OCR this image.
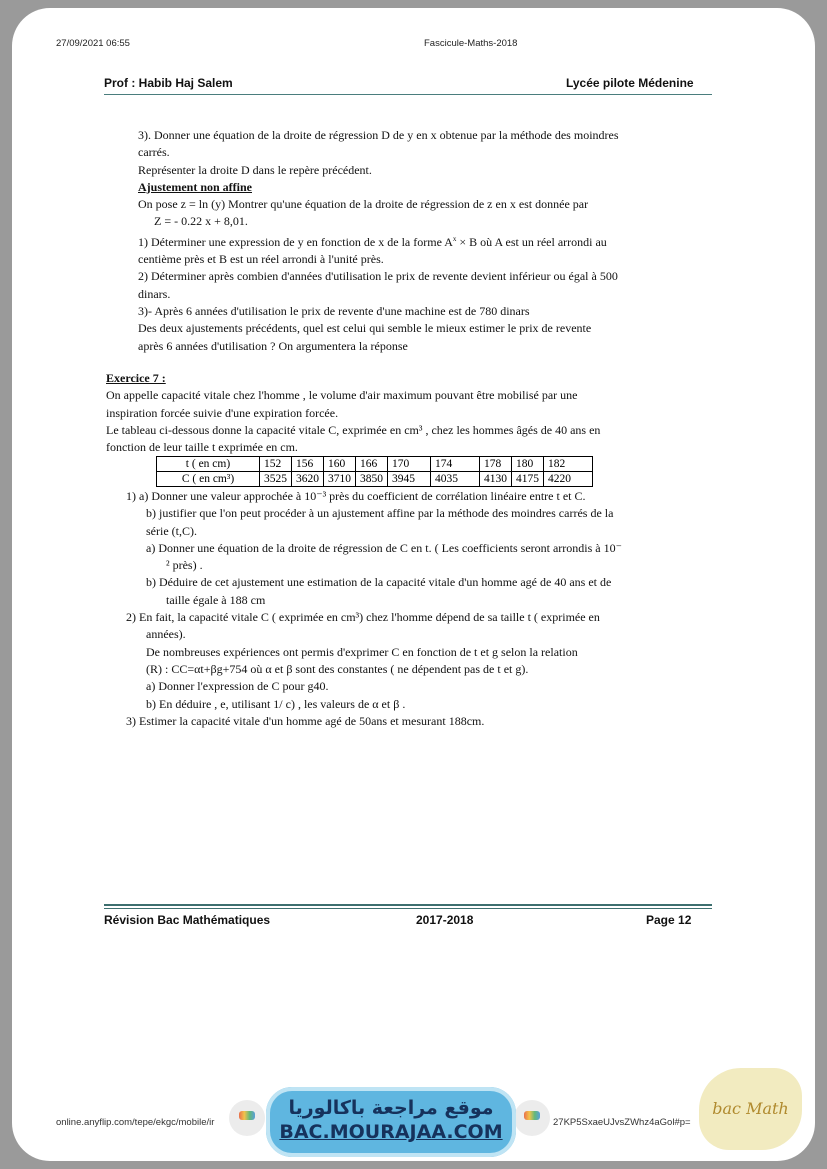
27/09/2021 06:55	Fascicule-Maths-2018
Prof : Habib Haj Salem	Lycée pilote Médenine

3). Donner une équation de la droite de régression D de y en x obtenue par la méthode des moindres

carrés.

Représenter la droite D dans le repère précédent.

Ajustement non affine

On pose z = ln (y) Montrer qu'une équation de la droite de régression de z en x est donnée par

Z = - 0.22 x + 8,01.

1) Déterminer une expression de y en fonction de x de la forme $A^x \times B$ où A est un réel arrondi au

centième près et B est un réel arrondi à l'unité près.

2) Déterminer après combien d'années d'utilisation le prix de revente devient inférieur ou égal à 500

dinars.

3)- Après 6 années d'utilisation le prix de revente d'une machine est de 780 dinars

Des deux ajustements précédents, quel est celui qui semble le mieux estimer le prix de revente

après 6 années d'utilisation ? On argumentera la réponse

Exercice 7 :

On appelle capacité vitale chez l'homme , le volume d'air maximum pouvant être mobilisé par une

inspiration forcée suivie d'une expiration forcée.

Le tableau ci-dessous donne la capacité vitale C, exprimée en cm³ , chez les hommes âgés de 40 ans en

fonction de leur taille t exprimée en cm.

t ( en cm)	152	156	160	166	170	174	178	180	182
C ( en cm³)	3525	3620	3710	3850	3945	4035	4130	4175	4220

1) a) Donner une valeur approchée à 10⁻³ près du coefficient de corrélation linéaire entre t et C.

b) justifier que l'on peut procéder à un ajustement affine par la méthode des moindres carrés de la

série (t,C).

a) Donner une équation de la droite de régression de C en t. ( Les coefficients seront arrondis à 10⁻

² près) .

b) Déduire de cet ajustement une estimation de la capacité vitale d'un homme agé de 40 ans et de

taille égale à 188 cm

2) En fait, la capacité vitale C ( exprimée en cm³) chez l'homme dépend de sa taille t ( exprimée en

années).

De nombreuses expériences ont permis d'exprimer C en fonction de t et g selon la relation

(R) : CC=αt+βg+754 où α et β sont des constantes ( ne dépendent pas de t et g).

a) Donner l'expression de C pour g40.

b) En déduire , e, utilisant 1/ c) , les valeurs de α et β .

3) Estimer la capacité vitale d'un homme agé de 50ans et mesurant 188cm.

Révision Bac Mathématiques	2017-2018	Page 12
online.anyflip.com/tepe/ekgc/mobile/ir	27KP5SxaeUJvsZWhz4aGol#p=
موقع مراجعة باكالوريا
BAC.MOURAJAA.COM
bac Math
